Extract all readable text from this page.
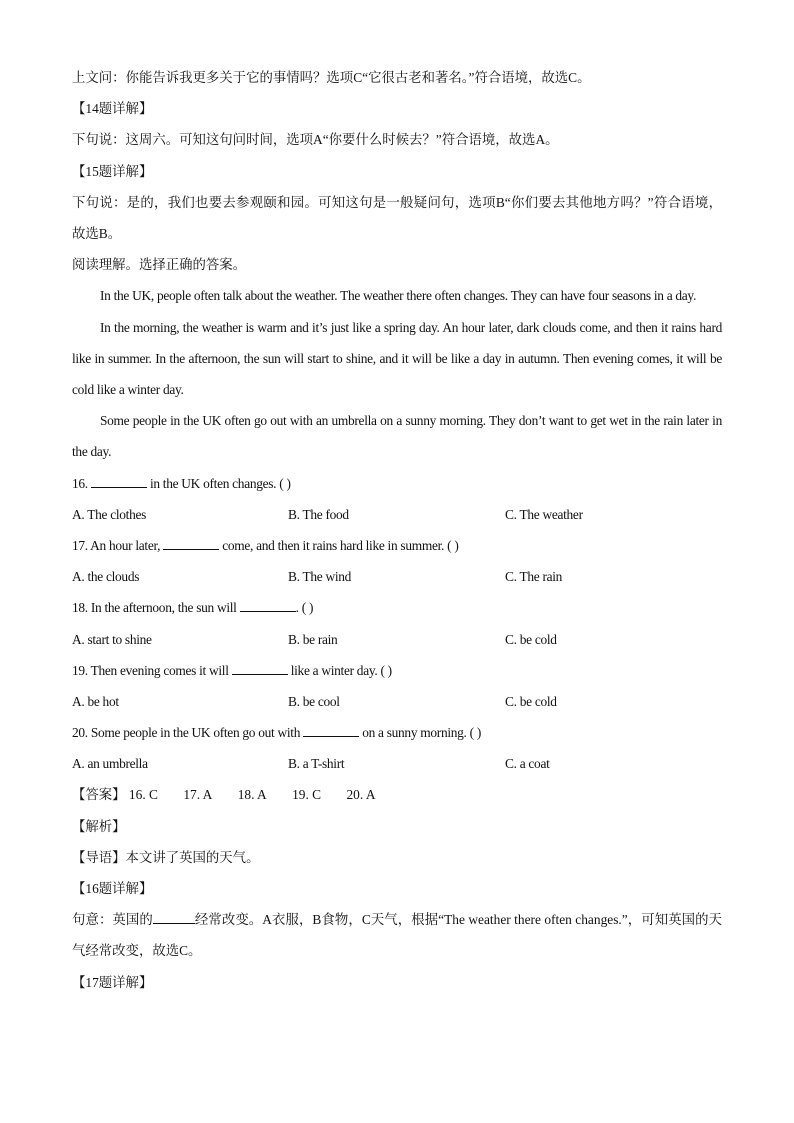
上文问：你能告诉我更多关于它的事情吗？选项C“它很古老和著名。”符合语境，故选C。
【14题详解】
下句说：这周六。可知这句问时间，选项A“你要什么时候去？”符合语境，故选A。
【15题详解】
下句说：是的，我们也要去参观颐和园。可知这句是一般疑问句，选项B“你们要去其他地方吗？”符合语境，故选B。
阅读理解。选择正确的答案。
In the UK, people often talk about the weather. The weather there often changes. They can have four seasons in a day.
In the morning, the weather is warm and it’s just like a spring day. An hour later, dark clouds come, and then it rains hard like in summer. In the afternoon, the sun will start to shine, and it will be like a day in autumn. Then evening comes, it will be cold like a winter day.
Some people in the UK often go out with an umbrella on a sunny morning. They don’t want to get wet in the rain later in the day.
16.	in the UK often changes. ( )
A. The clothes	B. The food	C. The weather
17. An hour later,	come, and then it rains hard like in summer. ( )
A. the clouds	B. The wind	C. The rain
18. In the afternoon, the sun will	. ( )
A. start to shine	B. be rain	C. be cold
19. Then evening comes it will	like a winter day. ( )
A. be hot	B. be cool	C. be cold
20. Some people in the UK often go out with	on a sunny morning. ( )
A. an umbrella	B. a T-shirt	C. a coat
【答案】 16. C 17. A 18. A 19. C 20. A
【解析】
【导语】本文讲了英国的天气。
【16题详解】
句意：英国的	经常改变。A衣服，B食物，C天气，根据“The weather there often changes.”，可知英国的天气经常改变，故选C。
【17题详解】
